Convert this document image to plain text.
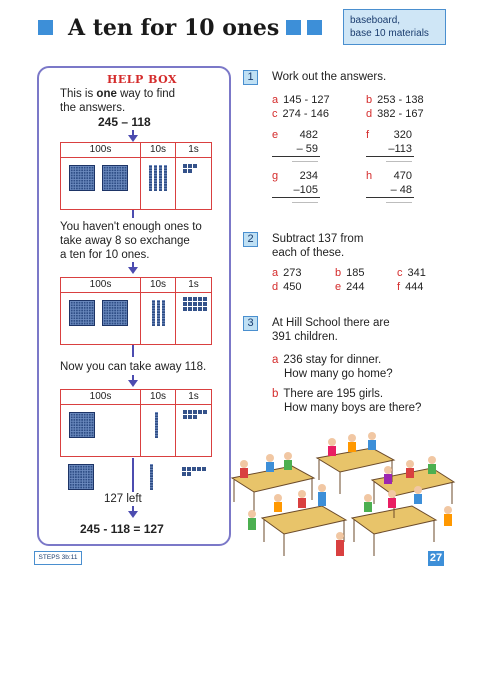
A ten for 10 ones	baseboard,
base 10 materials
HELP BOX
This is one way to find
the answers.
245 – 118
100s	10s	1s
You haven't enough ones to
take away 8 so exchange
a ten for 10 ones.
100s	10s	1s
Now you can take away 118.
100s	10s	1s
127 left
245 - 118 = 127
1	Work out the answers.
a 145 - 127	b 253 - 138
c 274 - 146	d 382 - 167
e	482
– 59
f	320
–113
g	234
–105
h	470
– 48
2	Subtract 137 from
each of these.
a 273	b 185	c 341
d 450	e 244	f 444
3	At Hill School there are
391 children.
a 236 stay for dinner.
How many go home?
b There are 195 girls.
How many boys are there?
STEPS 3b:11	27
